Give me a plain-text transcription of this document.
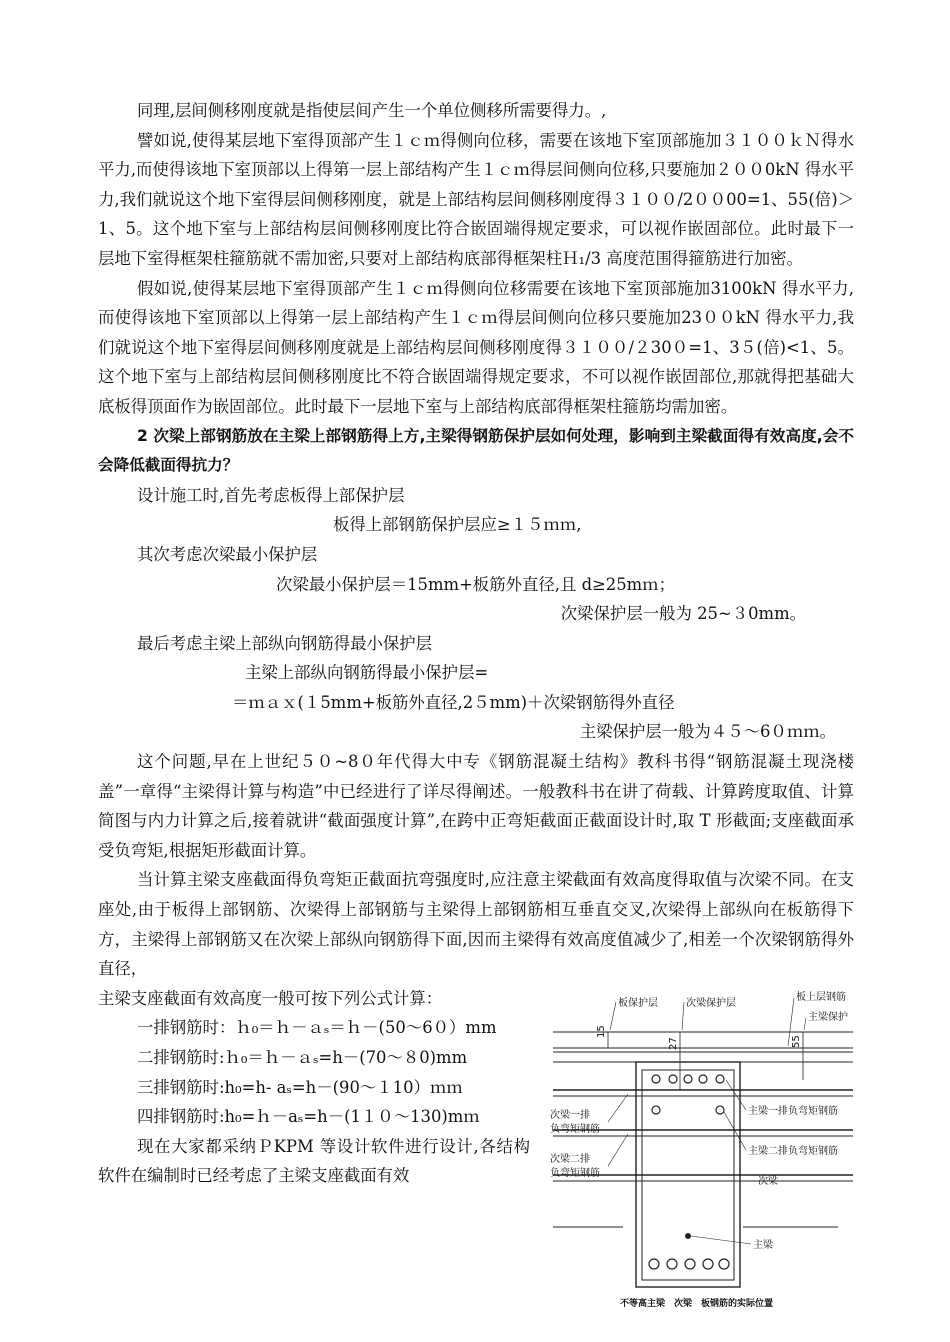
同理,层间侧移刚度就是指使层间产生一个单位侧移所需要得力。,

譬如说,使得某层地下室得顶部产生１ｃｍ得侧向位移，需要在该地下室顶部施加３１００ｋＮ得水平力,而使得该地下室顶部以上得第一层上部结构产生１ｃｍ得层间侧向位移,只要施加２００0kN 得水平力,我们就说这个地下室得层间侧移刚度，就是上部结构层间侧移刚度得３１００/2００00=1、55(倍)＞1、5。这个地下室与上部结构层间侧移刚度比符合嵌固端得规定要求，可以视作嵌固部位。此时最下一层地下室得框架柱箍筋就不需加密,只要对上部结构底部得框架柱Ｈ₁/3 高度范围得箍筋进行加密。

假如说,使得某层地下室得顶部产生１ｃｍ得侧向位移需要在该地下室顶部施加3100kN 得水平力,而使得该地下室顶部以上得第一层上部结构产生１ｃｍ得层间侧向位移只要施加23００kN 得水平力,我们就说这个地下室得层间侧移刚度就是上部结构层间侧移刚度得３１００/２30０=1、3５(倍)<1、5。这个地下室与上部结构层间侧移刚度比不符合嵌固端得规定要求，不可以视作嵌固部位,那就得把基础大底板得顶面作为嵌固部位。此时最下一层地下室与上部结构底部得框架柱箍筋均需加密。

2 次梁上部钢筋放在主梁上部钢筋得上方,主梁得钢筋保护层如何处理，影响到主梁截面得有效高度,会不会降低截面得抗力？

设计施工时,首先考虑板得上部保护层

板得上部钢筋保护层应≥１５ｍｍ,

其次考虑次梁最小保护层

次梁最小保护层＝15mm+板筋外直径,且 d≥25mｍ；

次梁保护层一般为 25~３0mm。

最后考虑主梁上部纵向钢筋得最小保护层

主梁上部纵向钢筋得最小保护层=

＝ｍａｘ(１5mm+板筋外直径,2５mm)＋次梁钢筋得外直径

主梁保护层一般为４５～6０ｍｍ。

这个问题,早在上世纪５０~8０年代得大中专《钢筋混凝土结构》教科书得“钢筋混凝土现浇楼盖”一章得“主梁得计算与构造”中已经进行了详尽得阐述。一般教科书在讲了荷载、计算跨度取值、计算简图与内力计算之后,接着就讲“截面强度计算”,在跨中正弯矩截面正截面设计时,取 T 形截面;支座截面承受负弯矩,根据矩形截面计算。

当计算主梁支座截面得负弯矩正截面抗弯强度时,应注意主梁截面有效高度得取值与次梁不同。在支座处,由于板得上部钢筋、次梁得上部钢筋与主梁得上部钢筋相互垂直交叉,次梁得上部纵向在板筋得下方，主梁得上部钢筋又在次梁上部纵向钢筋得下面,因而主梁得有效高度值减少了,相差一个次梁钢筋得外直径，

主梁支座截面有效高度一般可按下列公式计算：

一排钢筋时：ｈ₀＝ｈ－ａₛ＝ｈ－(50～6０）mm

二排钢筋时:ｈ₀＝ｈ－ａₛ=h－(70～８0)mm

三排钢筋时:h₀=h- aₛ=h－(90～１10）ｍｍ

四排钢筋时:h₀=ｈ－aₛ=h－(1１０～130)mｍ

现在大家都采纳ＰKPM 等设计软件进行设计,各结构软件在编制时已经考虑了主梁支座截面有效

15
27	55
板保护层	次梁保护层
板上层钢筋
主梁保护
次梁一排
负弯矩钢筋
次梁二排
负弯矩钢筋
主梁一排负弯矩钢筋
主梁二排负弯矩钢筋
次梁
主梁
不等高主梁　次梁　板钢筋的实际位置
